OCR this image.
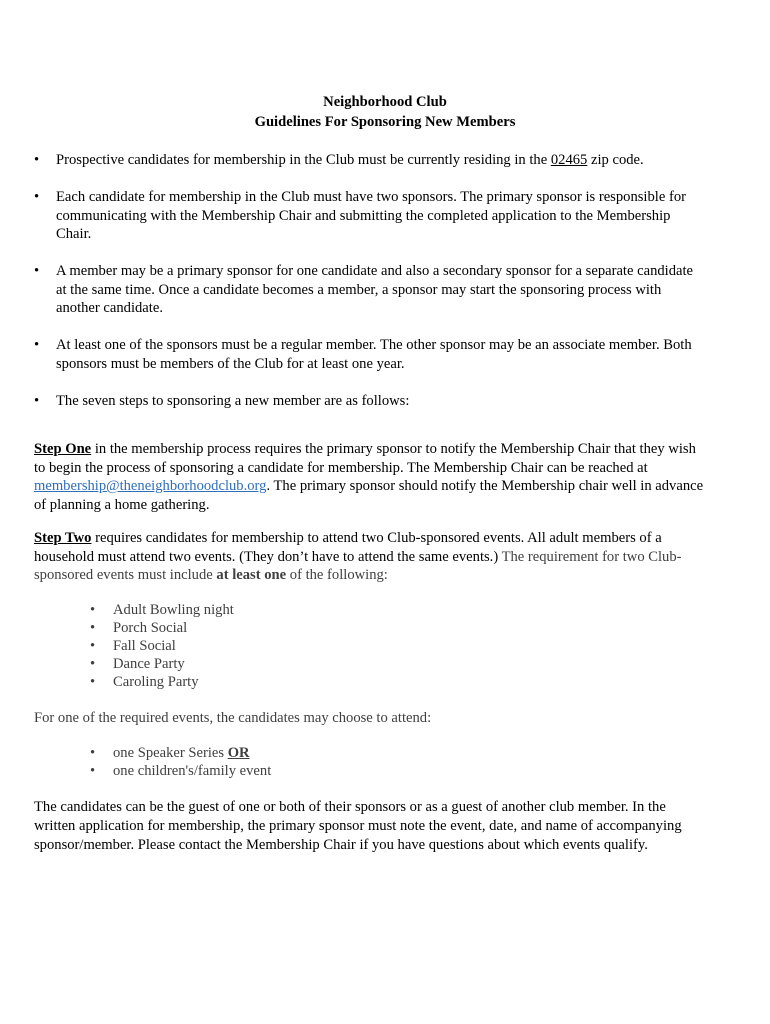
Neighborhood Club
Guidelines For Sponsoring New Members
• Prospective candidates for membership in the Club must be currently residing in the 02465 zip code.
• Each candidate for membership in the Club must have two sponsors. The primary sponsor is responsible for communicating with the Membership Chair and submitting the completed application to the Membership Chair.
• A member may be a primary sponsor for one candidate and also a secondary sponsor for a separate candidate at the same time. Once a candidate becomes a member, a sponsor may start the sponsoring process with another candidate.
• At least one of the sponsors must be a regular member. The other sponsor may be an associate member. Both sponsors must be members of the Club for at least one year.
• The seven steps to sponsoring a new member are as follows:

Step One in the membership process requires the primary sponsor to notify the Membership Chair that they wish to begin the process of sponsoring a candidate for membership. The Membership Chair can be reached at membership@theneighborhoodclub.org. The primary sponsor should notify the Membership chair well in advance of planning a home gathering.

Step Two requires candidates for membership to attend two Club-sponsored events. All adult members of a household must attend two events. (They don’t have to attend the same events.) The requirement for two Club-sponsored events must include at least one of the following:

• Adult Bowling night
• Porch Social
• Fall Social
• Dance Party
• Caroling Party

For one of the required events, the candidates may choose to attend:

• one Speaker Series OR
• one children's/family event

The candidates can be the guest of one or both of their sponsors or as a guest of another club member. In the written application for membership, the primary sponsor must note the event, date, and name of accompanying sponsor/member. Please contact the Membership Chair if you have questions about which events qualify.
